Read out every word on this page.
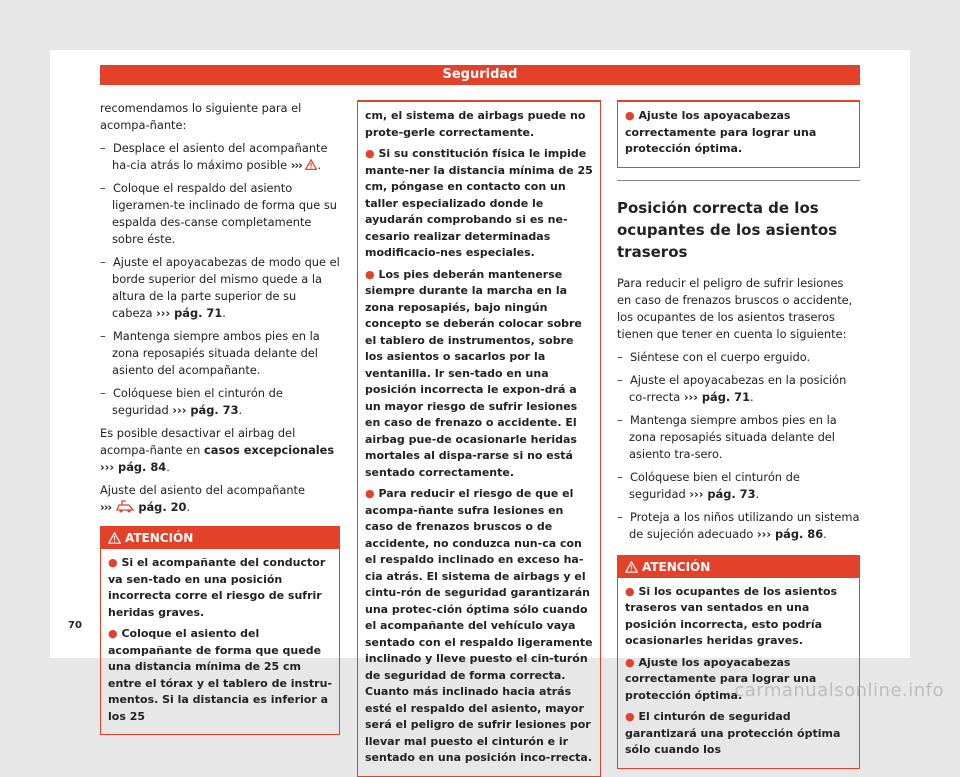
Seguridad

recomendamos lo siguiente para el acompa-ñante:

–  Desplace el asiento del acompañante ha-cia atrás lo máximo posible ››› .
–  Coloque el respaldo del asiento ligeramen-te inclinado de forma que su espalda des-canse completamente sobre éste.
–  Ajuste el apoyacabezas de modo que el borde superior del mismo quede a la altura de la parte superior de su cabeza ››› pág. 71.
–  Mantenga siempre ambos pies en la zona reposapiés situada delante del asiento del acompañante.
–  Colóquese bien el cinturón de seguridad ››› pág. 73.

Es posible desactivar el airbag del acompa-ñante en casos excepcionales ››› pág. 84.

Ajuste del asiento del acompañante
››› pág. 20.

ATENCIÓN

● Si el acompañante del conductor va sen-tado en una posición incorrecta corre el riesgo de sufrir heridas graves.

● Coloque el asiento del acompañante de forma que quede una distancia mínima de 25 cm entre el tórax y el tablero de instru-mentos. Si la distancia es inferior a los 25

cm, el sistema de airbags puede no prote-gerle correctamente.

● Si su constitución física le impide mante-ner la distancia mínima de 25 cm, póngase en contacto con un taller especializado donde le ayudarán comprobando si es ne-cesario realizar determinadas modificacio-nes especiales.

● Los pies deberán mantenerse siempre durante la marcha en la zona reposapiés, bajo ningún concepto se deberán colocar sobre el tablero de instrumentos, sobre los asientos o sacarlos por la ventanilla. Ir sen-tado en una posición incorrecta le expon-drá a un mayor riesgo de sufrir lesiones en caso de frenazo o accidente. El airbag pue-de ocasionarle heridas mortales al dispa-rarse si no está sentado correctamente.

● Para reducir el riesgo de que el acompa-ñante sufra lesiones en caso de frenazos bruscos o de accidente, no conduzca nun-ca con el respaldo inclinado en exceso ha-cia atrás. El sistema de airbags y el cintu-rón de seguridad garantizarán una protec-ción óptima sólo cuando el acompañante del vehículo vaya sentado con el respaldo ligeramente inclinado y lleve puesto el cin-turón de seguridad de forma correcta. Cuanto más inclinado hacia atrás esté el respaldo del asiento, mayor será el peligro de sufrir lesiones por llevar mal puesto el cinturón e ir sentado en una posición inco-rrecta.

● Ajuste los apoyacabezas correctamente para lograr una protección óptima.

Posición correcta de los ocupantes de los asientos traseros

Para reducir el peligro de sufrir lesiones en caso de frenazos bruscos o accidente, los ocupantes de los asientos traseros tienen que tener en cuenta lo siguiente:

–  Siéntese con el cuerpo erguido.
–  Ajuste el apoyacabezas en la posición co-rrecta ››› pág. 71.
–  Mantenga siempre ambos pies en la zona reposapiés situada delante del asiento tra-sero.
–  Colóquese bien el cinturón de seguridad ››› pág. 73.
–  Proteja a los niños utilizando un sistema de sujeción adecuado ››› pág. 86.
ATENCIÓN

● Si los ocupantes de los asientos traseros van sentados en una posición incorrecta, esto podría ocasionarles heridas graves.

● Ajuste los apoyacabezas correctamente para lograr una protección óptima.

● El cinturón de seguridad garantizará una protección óptima sólo cuando los

70
carmanualsonline.info
